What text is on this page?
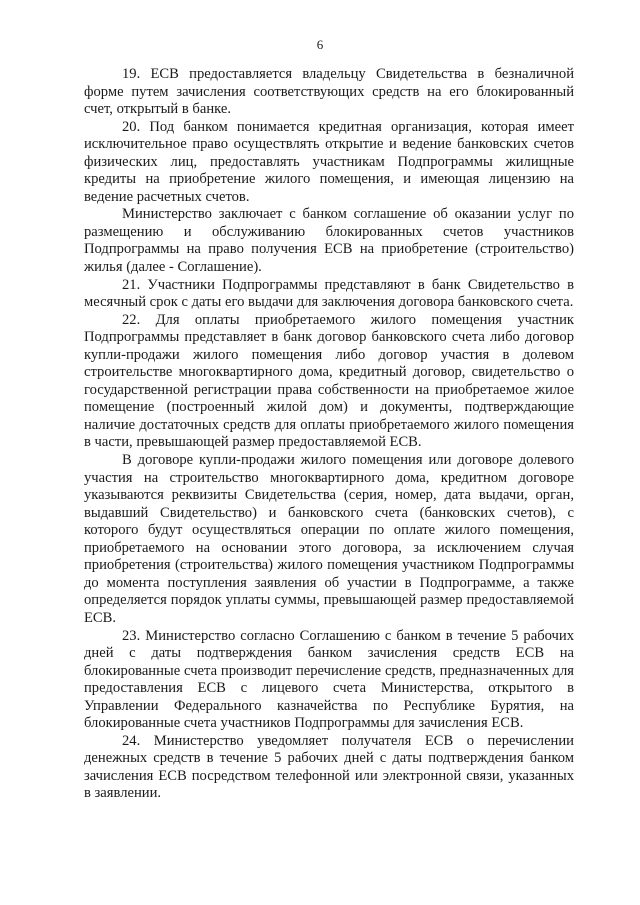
6

19. ЕСВ предоставляется владельцу Свидетельства в безналичной форме путем зачисления соответствующих средств на его блокированный счет, открытый в банке.

20. Под банком понимается кредитная организация, которая имеет исключительное право осуществлять открытие и ведение банковских счетов физических лиц, предоставлять участникам Подпрограммы жилищные кредиты на приобретение жилого помещения, и имеющая лицензию на ведение расчетных счетов.

Министерство заключает с банком соглашение об оказании услуг по размещению и обслуживанию блокированных счетов участников Подпрограммы на право получения ЕСВ на приобретение (строительство) жилья (далее - Соглашение).

21. Участники Подпрограммы представляют в банк Свидетельство в месячный срок с даты его выдачи для заключения договора банковского счета.

22. Для оплаты приобретаемого жилого помещения участник Подпрограммы представляет в банк договор банковского счета либо договор купли-продажи жилого помещения либо договор участия в долевом строительстве многоквартирного дома, кредитный договор, свидетельство о государственной регистрации права собственности на приобретаемое жилое помещение (построенный жилой дом) и документы, подтверждающие наличие достаточных средств для оплаты приобретаемого жилого помещения в части, превышающей размер предоставляемой ЕСВ.

В договоре купли-продажи жилого помещения или договоре долевого участия на строительство многоквартирного дома, кредитном договоре указываются реквизиты Свидетельства (серия, номер, дата выдачи, орган, выдавший Свидетельство) и банковского счета (банковских счетов), с которого будут осуществляться операции по оплате жилого помещения, приобретаемого на основании этого договора, за исключением случая приобретения (строительства) жилого помещения участником Подпрограммы до момента поступления заявления об участии в Подпрограмме, а также определяется порядок уплаты суммы, превышающей размер предоставляемой ЕСВ.

23. Министерство согласно Соглашению с банком в течение 5 рабочих дней с даты подтверждения банком зачисления средств ЕСВ на блокированные счета производит перечисление средств, предназначенных для предоставления ЕСВ с лицевого счета Министерства, открытого в Управлении Федерального казначейства по Республике Бурятия, на блокированные счета участников Подпрограммы для зачисления ЕСВ.

24. Министерство уведомляет получателя ЕСВ о перечислении денежных средств в течение 5 рабочих дней с даты подтверждения банком зачисления ЕСВ посредством телефонной или электронной связи, указанных в заявлении.
